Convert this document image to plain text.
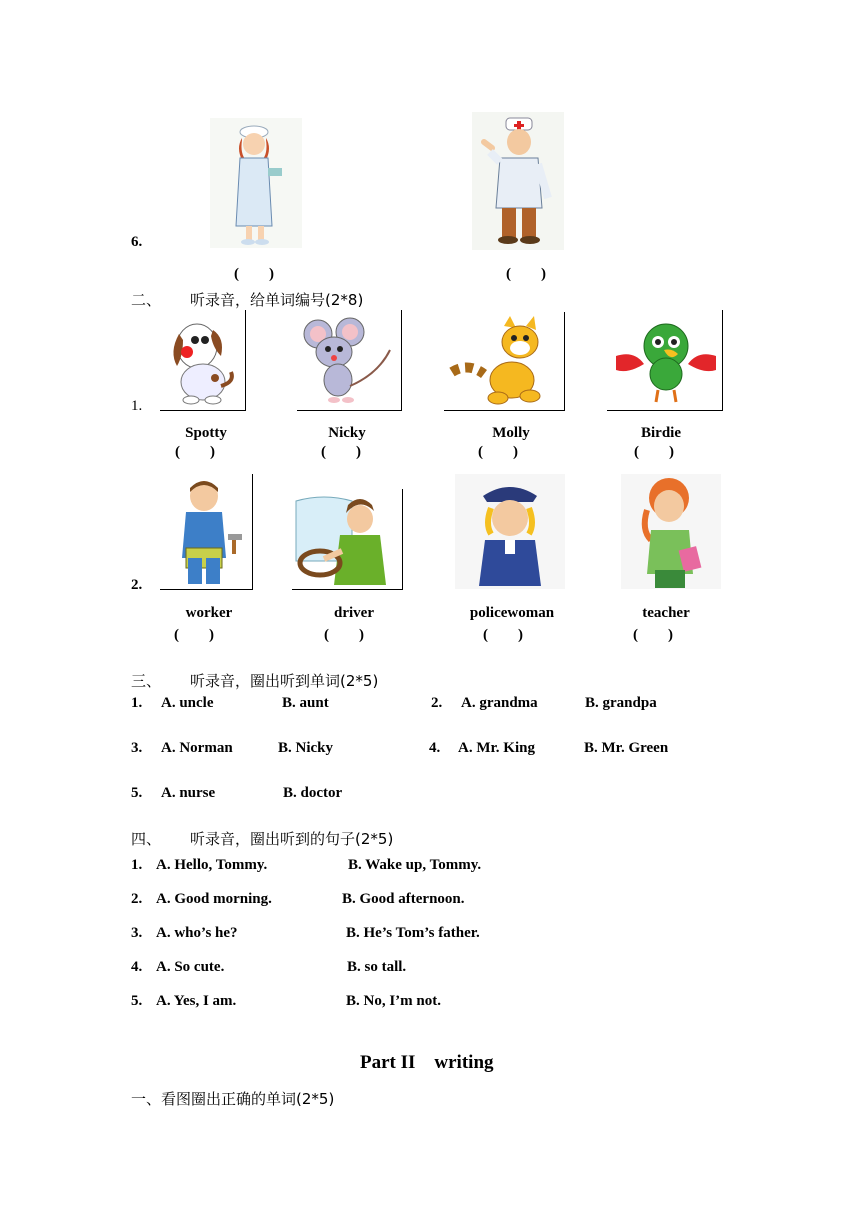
6.
(        )	(        )
二、 听录音，给单词编号(2*8)
1.
Spotty	Nicky	Molly	Birdie
(        )	(        )	(        )	(        )
2.
worker	driver	policewoman	teacher
(        )	(        )	(        )	(        )
三、 听录音，圈出听到单词(2*5)
1. A. uncle	B. aunt	2. A. grandma	B. grandpa
3. A. Norman	B. Nicky	4. A. Mr. King	B. Mr. Green
5. A. nurse	B. doctor
四、 听录音，圈出听到的句子(2*5)
1. A. Hello, Tommy.	B. Wake up, Tommy.
2. A. Good morning.	B. Good afternoon.
3. A. who’s he?	B. He’s Tom’s father.
4. A. So cute.	B. so tall.
5. A. Yes, I am.	B. No, I’m not.
Part II    writing
一、看图圈出正确的单词(2*5)
